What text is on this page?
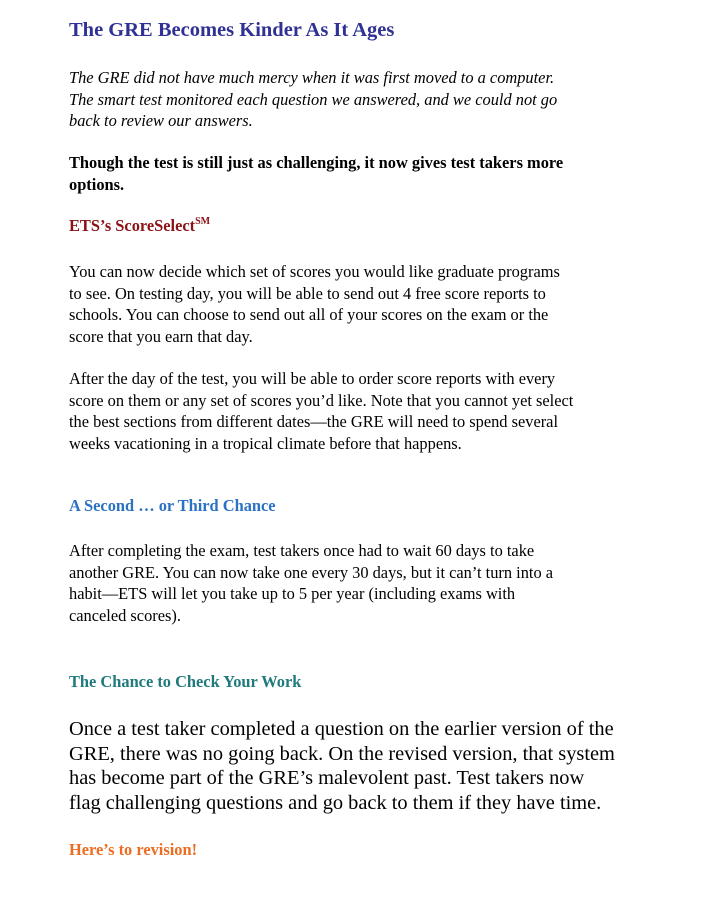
The GRE Becomes Kinder As It Ages

The GRE did not have much mercy when it was first moved to a computer.
The smart test monitored each question we answered, and we could not go
back to review our answers.

Though the test is still just as challenging, it now gives test takers more
options.

ETS’s ScoreSelect℠

You can now decide which set of scores you would like graduate programs
to see. On testing day, you will be able to send out 4 free score reports to
schools. You can choose to send out all of your scores on the exam or the
score that you earn that day.

After the day of the test, you will be able to order score reports with every
score on them or any set of scores you’d like. Note that you cannot yet select
the best sections from different dates—the GRE will need to spend several
weeks vacationing in a tropical climate before that happens.

A Second … or Third Chance

After completing the exam, test takers once had to wait 60 days to take
another GRE. You can now take one every 30 days, but it can’t turn into a
habit—ETS will let you take up to 5 per year (including exams with
canceled scores).

The Chance to Check Your Work

Once a test taker completed a question on the earlier version of the
GRE, there was no going back. On the revised version, that system
has become part of the GRE’s malevolent past. Test takers now
flag challenging questions and go back to them if they have time.

Here’s to revision!
